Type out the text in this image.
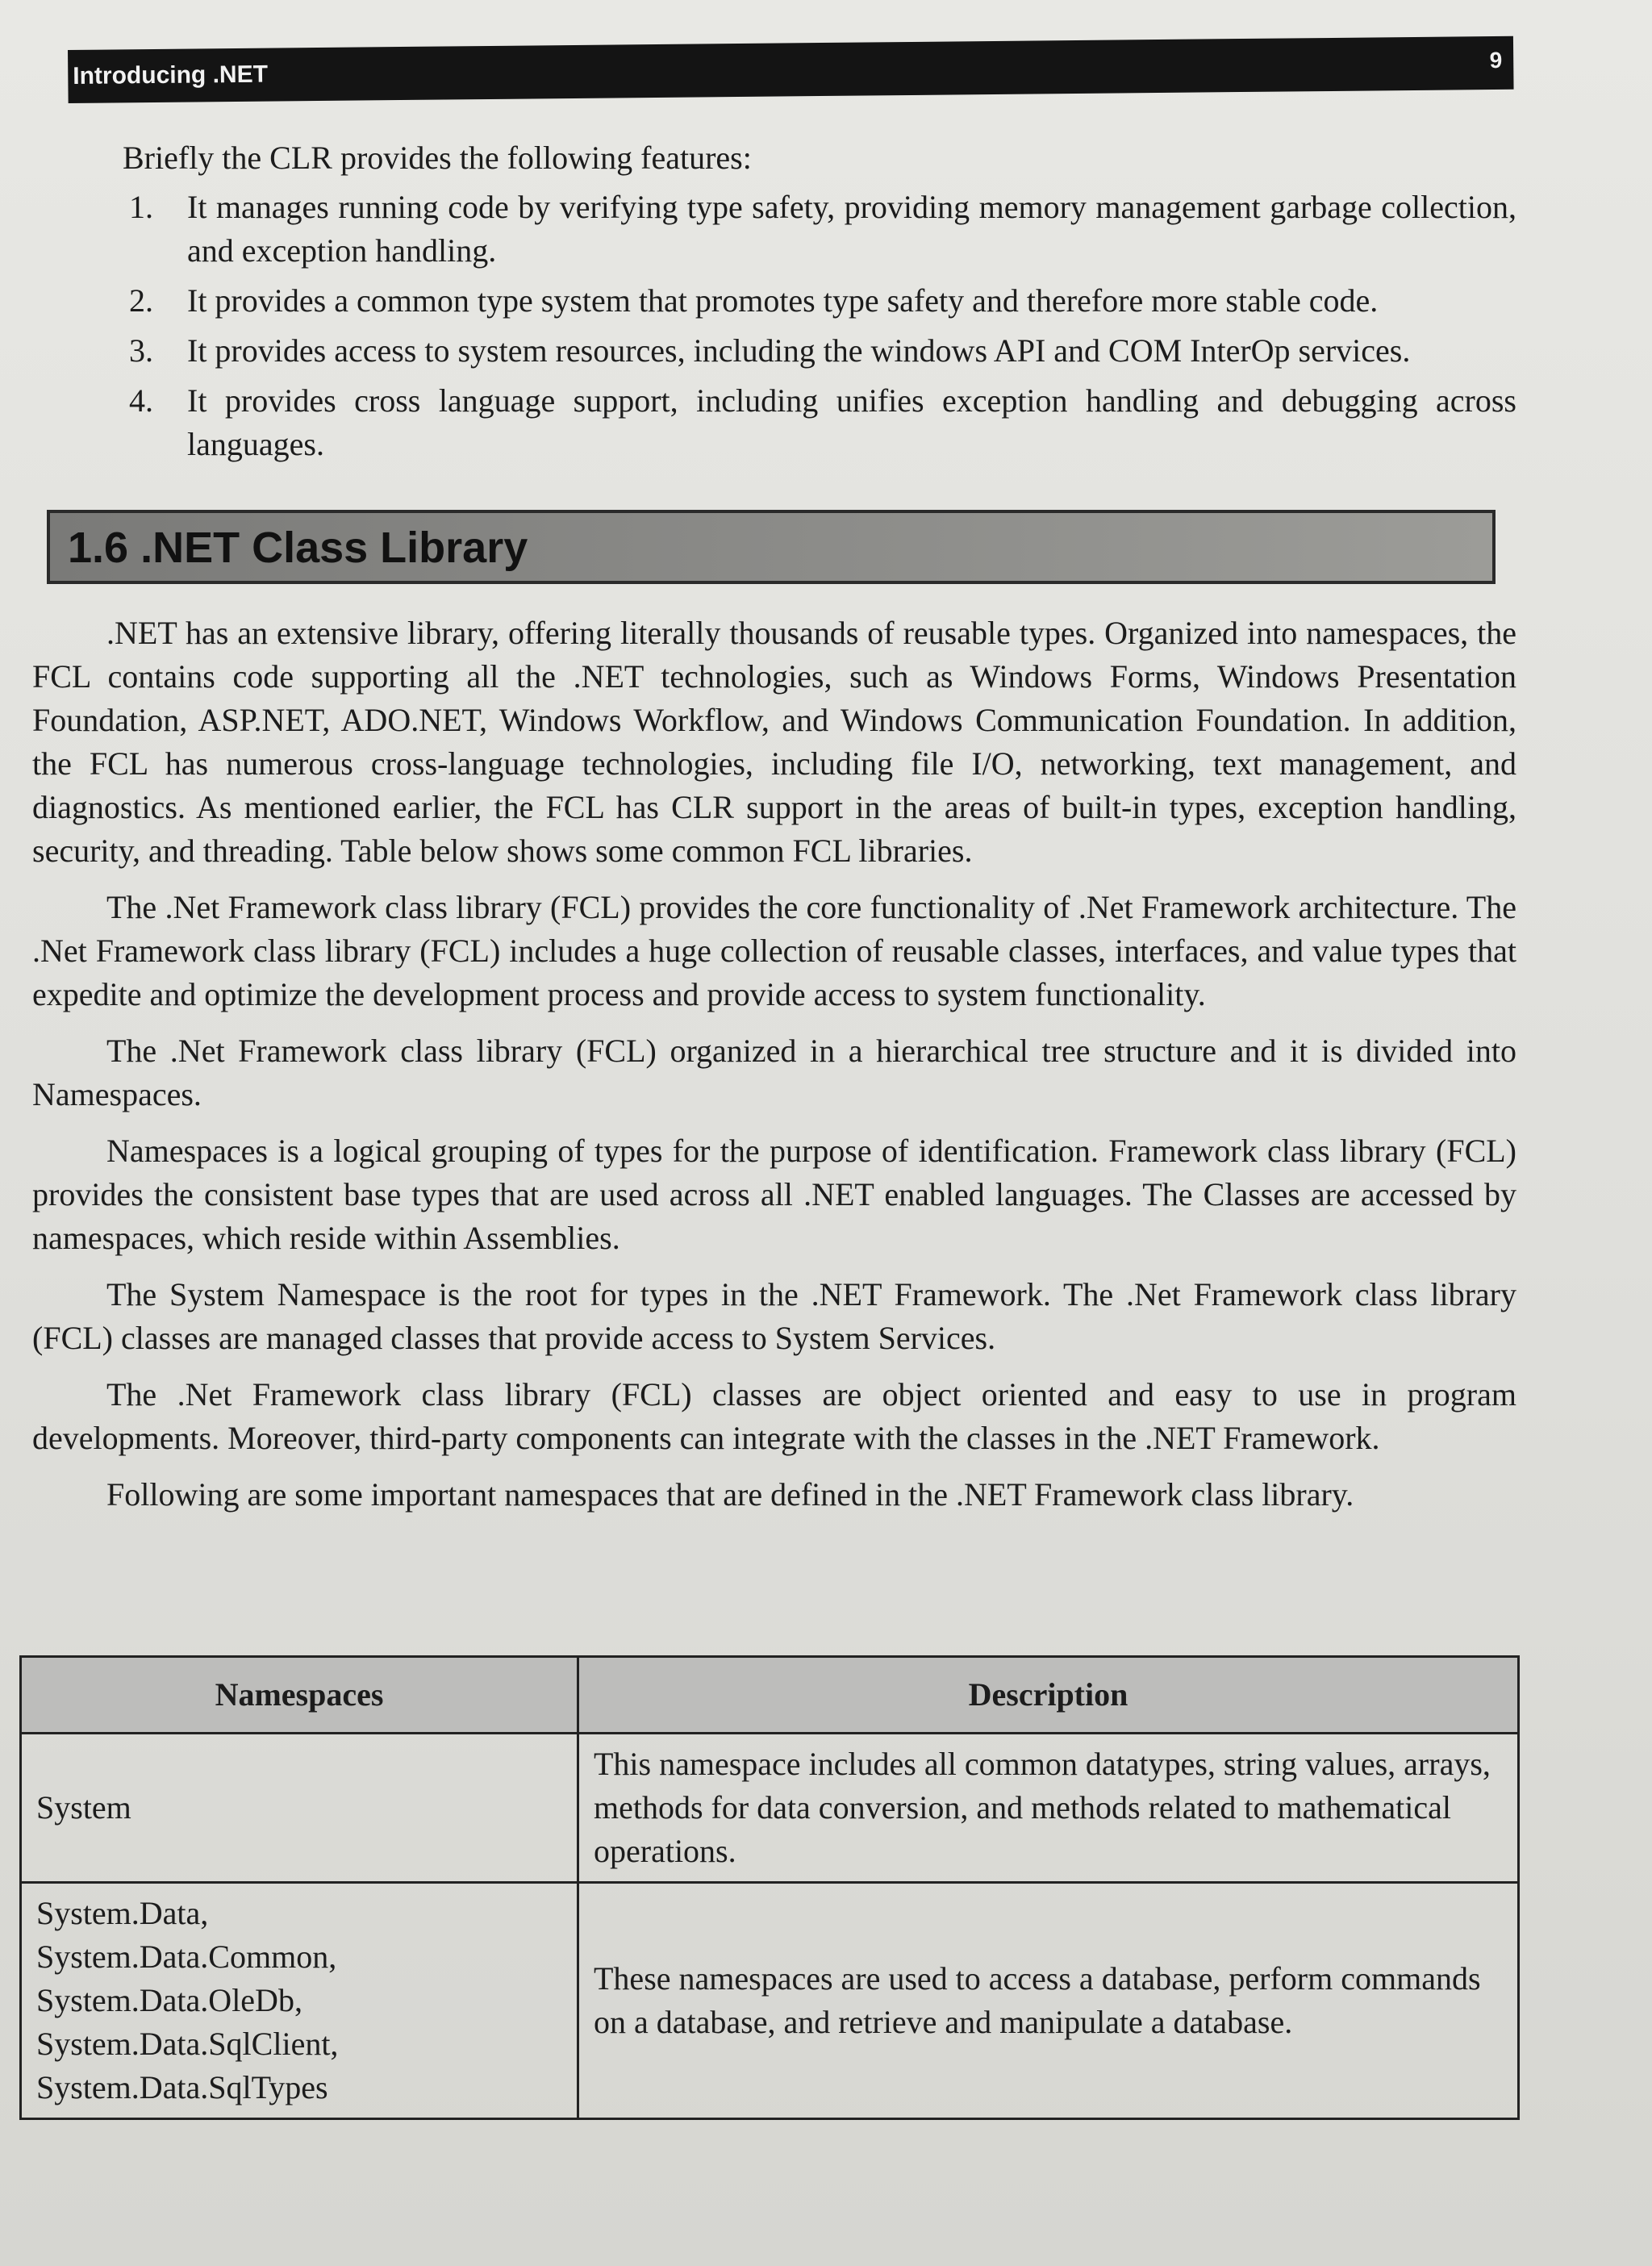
Introducing .NET
9
Briefly the CLR provides the following features:
1. It manages running code by verifying type safety, providing memory management garbage collection, and exception handling.
2. It provides a common type system that promotes type safety and therefore more stable code.
3. It provides access to system resources, including the windows API and COM InterOp services.
4. It provides cross language support, including unifies exception handling and debugging across languages.
1.6 .NET Class Library

.NET has an extensive library, offering literally thousands of reusable types. Organized into namespaces, the FCL contains code supporting all the .NET technologies, such as Windows Forms, Windows Presentation Foundation, ASP.NET, ADO.NET, Windows Workflow, and Windows Communication Foundation. In addition, the FCL has numerous cross-language technologies, including file I/O, networking, text management, and diagnostics. As mentioned earlier, the FCL has CLR support in the areas of built-in types, exception handling, security, and threading. Table below shows some common FCL libraries.

The .Net Framework class library (FCL) provides the core functionality of .Net Framework architecture. The .Net Framework class library (FCL) includes a huge collection of reusable classes, interfaces, and value types that expedite and optimize the development process and provide access to system functionality.

The .Net Framework class library (FCL) organized in a hierarchical tree structure and it is divided into Namespaces.

Namespaces is a logical grouping of types for the purpose of identification. Framework class library (FCL) provides the consistent base types that are used across all .NET enabled languages. The Classes are accessed by namespaces, which reside within Assemblies.

The System Namespace is the root for types in the .NET Framework. The .Net Framework class library (FCL) classes are managed classes that provide access to System Services.

The .Net Framework class library (FCL) classes are object oriented and easy to use in program developments. Moreover, third-party components can integrate with the classes in the .NET Framework.

Following are some important namespaces that are defined in the .NET Framework class library.

Namespaces	Description

System	This namespace includes all common datatypes, string values, arrays, methods for data conversion, and methods related to mathematical operations.

System.Data,
System.Data.Common,
System.Data.OleDb,
System.Data.SqlClient,
System.Data.SqlTypes	These namespaces are used to access a database, perform commands on a database, and retrieve and manipulate a database.
